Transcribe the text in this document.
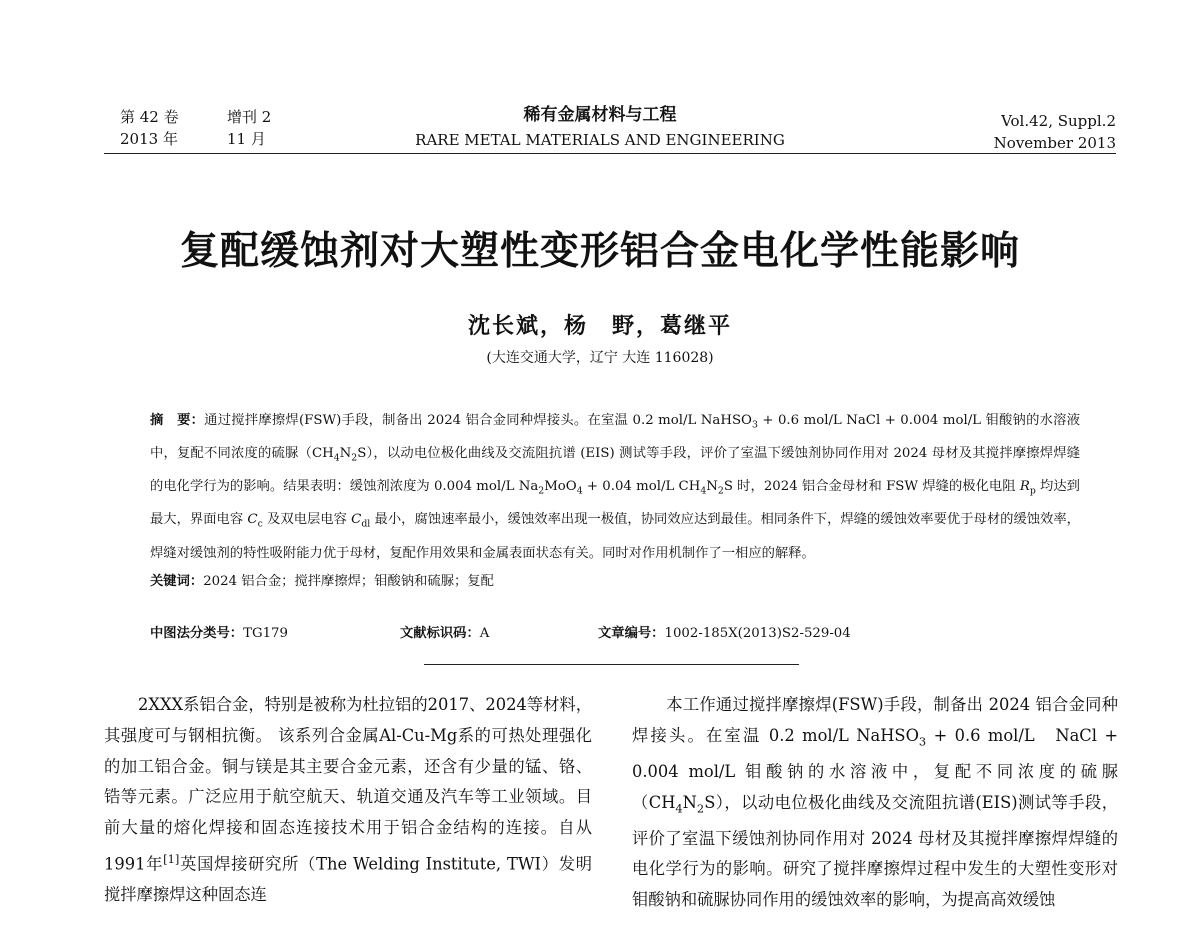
第 42 卷	增刊 2
2013 年	11 月
稀有金属材料与工程
RARE METAL MATERIALS AND ENGINEERING
Vol.42, Suppl.2
November 2013
复配缓蚀剂对大塑性变形铝合金电化学性能影响
沈长斌，杨　野，葛继平
(大连交通大学，辽宁 大连 116028)
摘　要：通过搅拌摩擦焊(FSW)手段，制备出 2024 铝合金同种焊接头。在室温 0.2 mol/L NaHSO$_3$ + 0.6 mol/L NaCl + 0.004 mol/L 钼酸钠的水溶液中，复配不同浓度的硫脲$(CH_4N_2S)$，以动电位极化曲线及交流阻抗谱 (EIS) 测试等手段，评价了室温下缓蚀剂协同作用对 2024 母材及其搅拌摩擦焊焊缝的电化学行为的影响。结果表明：缓蚀剂浓度为 0.004 mol/L $Na_2MoO_4 + 0.04$ mol/L $CH_4N_2S$ 时，2024 铝合金母材和 FSW 焊缝的极化电阻 $R_p$ 均达到最大，界面电容 $C_c$ 及双电层电容 $C_{dl}$ 最小，腐蚀速率最小，缓蚀效率出现一极值，协同效应达到最佳。相同条件下，焊缝的缓蚀效率要优于母材的缓蚀效率，焊缝对缓蚀剂的特性吸附能力优于母材，复配作用效果和金属表面状态有关。同时对作用机制作了一相应的解释。
关键词：2024 铝合金；搅拌摩擦焊；钼酸钠和硫脲；复配
中图法分类号：TG179	文献标识码：A	文章编号：1002-185X(2013)S2-529-04
2XXX系铝合金，特别是被称为杜拉铝的2017、2024等材料，其强度可与钢相抗衡。 该系列合金属Al-Cu-Mg系的可热处理强化的加工铝合金。铜与镁是其主要合金元素，还含有少量的锰、铬、锆等元素。广泛应用于航空航天、轨道交通及汽车等工业领域。目前大量的熔化焊接和固态连接技术用于铝合金结构的连接。自从1991年[1]英国焊接研究所（The Welding Institute, TWI）发明搅拌摩擦焊这种固态连
本工作通过搅拌摩擦焊(FSW)手段，制备出 2024 铝合金同种焊接头。在室温 0.2 mol/L NaHSO$_3$ + 0.6 mol/L　NaCl + 0.004 mol/L 钼酸钠的水溶液中，复配不同浓度的硫脲$(CH_4N_2S)$，以动电位极化曲线及交流阻抗谱(EIS)测试等手段，评价了室温下缓蚀剂协同作用对 2024 母材及其搅拌摩擦焊焊缝的电化学行为的影响。研究了搅拌摩擦焊过程中发生的大塑性变形对钼酸钠和硫脲协同作用的缓蚀效率的影响，为提高高效缓蚀
